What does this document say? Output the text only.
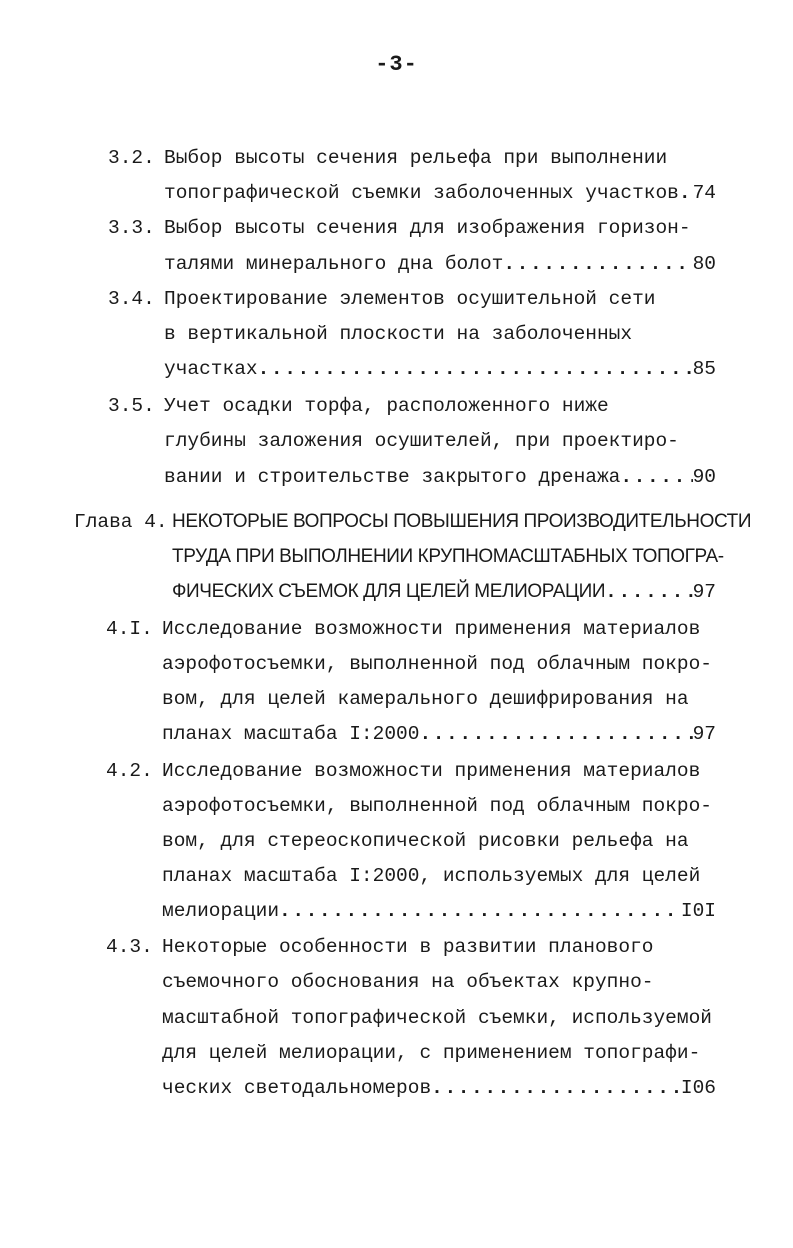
-3-
3.2. Выбор высоты сечения рельефа при выполнении
топографической съемки заболоченных участков ..... 74
3.3. Выбор высоты сечения для изображения горизон-
талями минерального дна болот .....	80
3.4. Проектирование элементов осушительной сети
в вертикальной плоскости на заболоченных
участках .....	85
3.5. Учет осадки торфа, расположенного ниже
глубины заложения осушителей, при проектиро-
вании и строительстве закрытого дренажа .....	90
Глава 4. НЕКОТОРЫЕ ВОПРОСЫ ПОВЫШЕНИЯ ПРОИЗВОДИТЕЛЬНОСТИ
ТРУДА ПРИ ВЫПОЛНЕНИИ КРУПНОМАСШТАБНЫХ ТОПОГРА-
ФИЧЕСКИХ СЪЕМОК ДЛЯ ЦЕЛЕЙ МЕЛИОРАЦИИ .....	97
4.I. Исследование возможности применения материалов
аэрофотосъемки, выполненной под облачным покро-
вом, для целей камерального дешифрирования на
планах масштаба I:2000 .....	97
4.2. Исследование возможности применения материалов
аэрофотосъемки, выполненной под облачным покро-
вом, для стереоскопической рисовки рельефа на
планах масштаба I:2000, используемых для целей
мелиорации .....	I0I
4.3. Некоторые особенности в развитии планового
съемочного обоснования на объектах крупно-
масштабной топографической съемки, используемой
для целей мелиорации, с применением топографи-
ческих светодальномеров .....	I06
